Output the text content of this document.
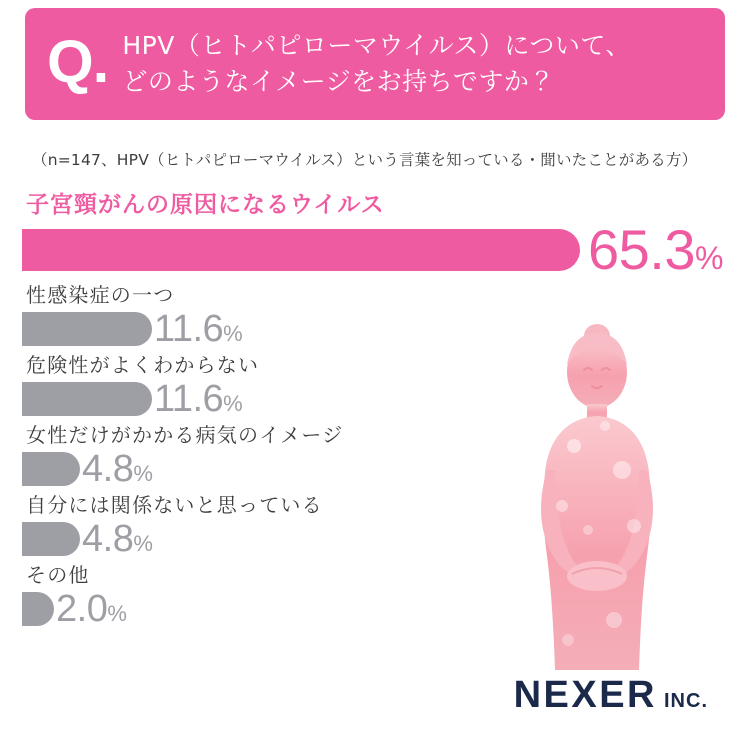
Q. HPV（ヒトパピローマウイルス）について、
どのようなイメージをお持ちですか？
（n=147、HPV（ヒトパピローマウイルス）という言葉を知っている・聞いたことがある方）
子宮頸がんの原因になるウイルス
65.3%
性感染症の一つ
11.6%
危険性がよくわからない
11.6%
女性だけがかかる病気のイメージ
4.8%
自分には関係ないと思っている
4.8%
その他
2.0%
NEXER INC.
